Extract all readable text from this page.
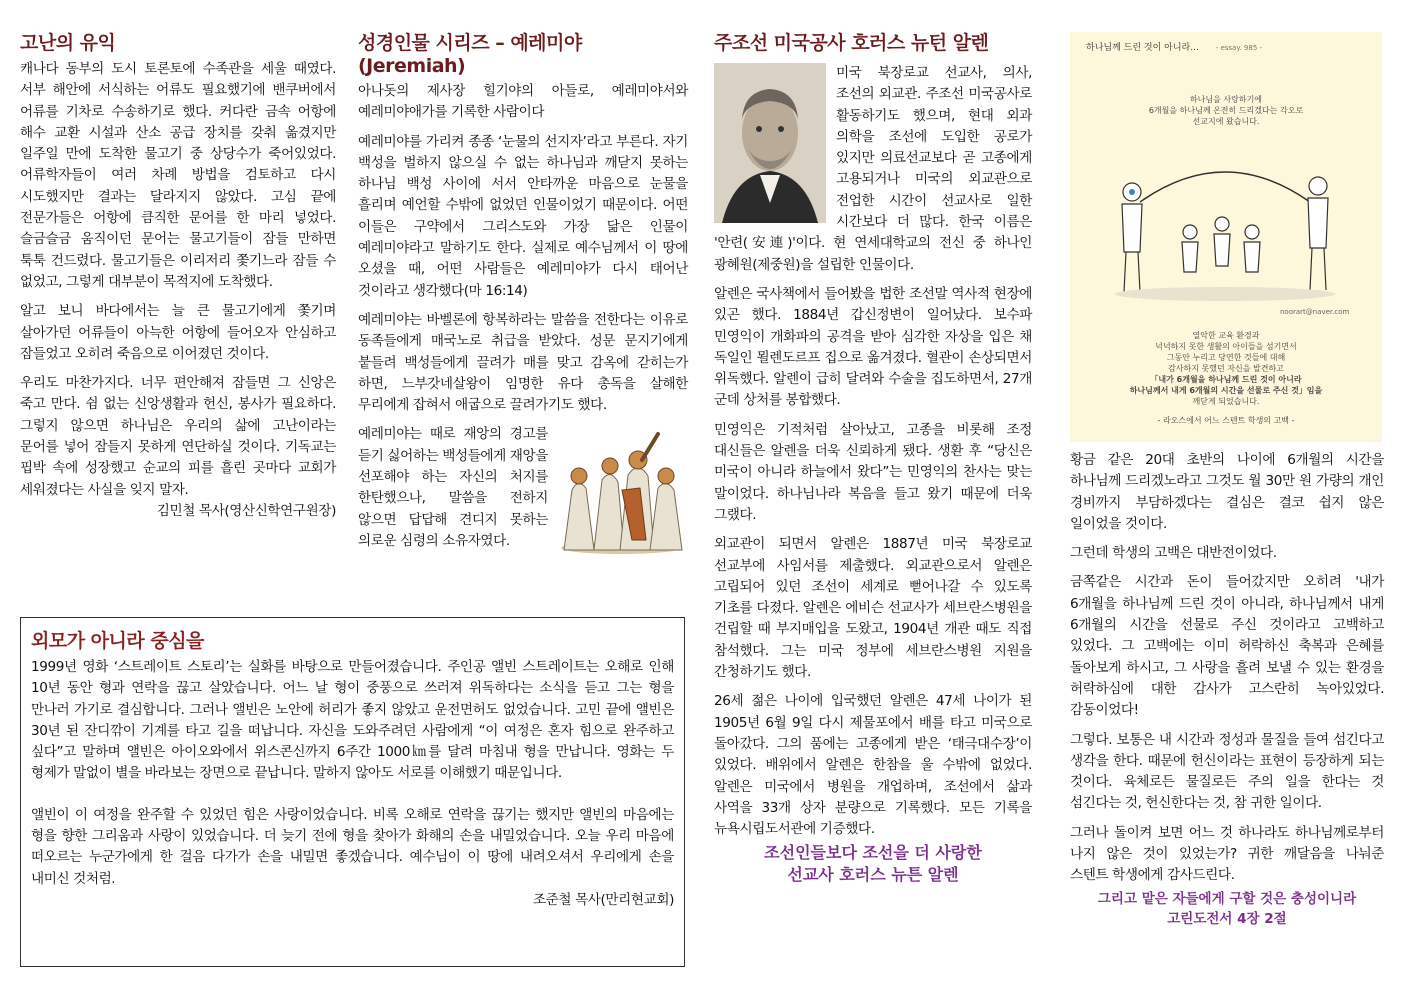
고난의 유익

캐나다 동부의 도시 토론토에 수족관을 세울 때였다. 서부 해안에 서식하는 어류도 필요했기에 밴쿠버에서 어류를 기차로 수송하기로 했다. 커다란 금속 어항에 해수 교환 시설과 산소 공급 장치를 갖춰 옮겼지만 일주일 만에 도착한 물고기 중 상당수가 죽어있었다. 어류학자들이 여러 차례 방법을 검토하고 다시 시도했지만 결과는 달라지지 않았다. 고심 끝에 전문가들은 어항에 큼직한 문어를 한 마리 넣었다. 슬금슬금 움직이던 문어는 물고기들이 잠들 만하면 툭툭 건드렸다. 물고기들은 이리저리 쫓기느라 잠들 수 없었고, 그렇게 대부분이 목적지에 도착했다.

알고 보니 바다에서는 늘 큰 물고기에게 쫓기며 살아가던 어류들이 아늑한 어항에 들어오자 안심하고 잠들었고 오히려 죽음으로 이어졌던 것이다.

우리도 마찬가지다. 너무 편안해져 잠들면 그 신앙은 죽고 만다. 쉼 없는 신앙생활과 헌신, 봉사가 필요하다. 그렇지 않으면 하나님은 우리의 삶에 고난이라는 문어를 넣어 잠들지 못하게 연단하실 것이다. 기독교는 핍박 속에 성장했고 순교의 피를 흘린 곳마다 교회가 세워졌다는 사실을 잊지 말자.

김민철 목사(영산신학연구원장)
성경인물 시리즈 – 예레미야(Jeremiah)

아나돗의 제사장 힐기야의 아들로, 예레미야서와 예레미야애가를 기록한 사람이다

예레미야를 가리켜 종종 ‘눈물의 선지자’라고 부른다. 자기 백성을 벌하지 않으실 수 없는 하나님과 깨닫지 못하는 하나님 백성 사이에 서서 안타까운 마음으로 눈물을 흘리며 예언할 수밖에 없었던 인물이었기 때문이다. 어떤 이들은 구약에서 그리스도와 가장 닮은 인물이 예레미야라고 말하기도 한다. 실제로 예수님께서 이 땅에 오셨을 때, 어떤 사람들은 예레미야가 다시 태어난 것이라고 생각했다(마 16:14)

예레미야는 바벨론에 항복하라는 말씀을 전한다는 이유로 동족들에게 매국노로 취급을 받았다. 성문 문지기에게 붙들려 백성들에게 끌려가 매를 맞고 감옥에 갇히는가 하면, 느부갓네살왕이 임명한 유다 총독을 살해한 무리에게 잡혀서 애굽으로 끌려가기도 했다.

예레미야는 때로 재앙의 경고를 듣기 싫어하는 백성들에게 재앙을 선포해야 하는 자신의 처지를 한탄했으나, 말씀을 전하지 않으면 답답해 견디지 못하는 의로운 심령의 소유자였다.

주조선 미국공사 호러스 뉴턴 알렌

미국 북장로교 선교사, 의사, 조선의 외교관. 주조선 미국공사로 활동하기도 했으며, 현대 외과 의학을 조선에 도입한 공로가 있지만 의료선교보다 곧 고종에게 고용되거나 미국의 외교관으로 전업한 시간이 선교사로 일한 시간보다 더 많다. 한국 이름은 '안련(安連)'이다. 현 연세대학교의 전신 중 하나인 광혜원(제중원)을 설립한 인물이다.

알렌은 국사책에서 들어봤을 법한 조선말 역사적 현장에 있곤 했다. 1884년 갑신정변이 일어났다. 보수파 민영익이 개화파의 공격을 받아 심각한 자상을 입은 채 독일인 묄렌도르프 집으로 옮겨졌다. 혈관이 손상되면서 위독했다. 알렌이 급히 달려와 수술을 집도하면서, 27개 군데 상처를 봉합했다.

민영익은 기적처럼 살아났고, 고종을 비롯해 조정 대신들은 알렌을 더욱 신뢰하게 됐다. 생환 후 “당신은 미국이 아니라 하늘에서 왔다”는 민영익의 찬사는 맞는 말이었다. 하나님나라 복음을 들고 왔기 때문에 더욱 그랬다.

외교관이 되면서 알렌은 1887년 미국 북장로교 선교부에 사임서를 제출했다. 외교관으로서 알렌은 고립되어 있던 조선이 세계로 뻗어나갈 수 있도록 기초를 다졌다. 알렌은 에비슨 선교사가 세브란스병원을 건립할 때 부지매입을 도왔고, 1904년 개관 때도 직접 참석했다. 그는 미국 정부에 세브란스병원 지원을 간청하기도 했다.

26세 젊은 나이에 입국했던 알렌은 47세 나이가 된 1905년 6월 9일 다시 제물포에서 배를 타고 미국으로 돌아갔다. 그의 품에는 고종에게 받은 ‘태극대수장’이 있었다. 배위에서 알렌은 한참을 울 수밖에 없었다. 알렌은 미국에서 병원을 개업하며, 조선에서 삶과 사역을 33개 상자 분량으로 기록했다. 모든 기록을 뉴욕시립도서관에 기증했다.

조선인들보다 조선을 더 사랑한
선교사 호러스 뉴튼 알렌
하나님께 드린 것이 아니라... - essay. 985 -
하나님을 사랑하기에
6개월을 하나님께 온전히 드리겠다는 각오로
선교지에 왔습니다.
noorart@naver.com
열악한 교육 환경과
넉넉하지 못한 생활의 아이들을 섬기면서
그동안 누리고 당연한 것들에 대해
감사하지 못했던 자신을 발견하고
「내가 6개월을 하나님께 드린 것이 아니라
하나님께서 내게 6개월의 시간을 선물로 주신 것」임을
깨닫게 되었습니다.
- 라오스에서 어느 스텐트 학생의 고백 -

황금 같은 20대 초반의 나이에 6개월의 시간을 하나님께 드리겠노라고 그것도 월 30만 원 가량의 개인 경비까지 부담하겠다는 결심은 결코 쉽지 않은 일이었을 것이다.

그런데 학생의 고백은 대반전이었다.

금쪽같은 시간과 돈이 들어갔지만 오히려 '내가 6개월을 하나님께 드린 것이 아니라, 하나님께서 내게 6개월의 시간을 선물로 주신 것이라고 고백하고 있었다. 그 고백에는 이미 허락하신 축복과 은혜를 돌아보게 하시고, 그 사랑을 흘려 보낼 수 있는 환경을 허락하심에 대한 감사가 고스란히 녹아있었다. 감동이었다!

그렇다. 보통은 내 시간과 정성과 물질을 들여 섬긴다고 생각을 한다. 때문에 헌신이라는 표현이 등장하게 되는 것이다. 육체로든 물질로든 주의 일을 한다는 것 섬긴다는 것, 헌신한다는 것, 참 귀한 일이다.

그러나 돌이켜 보면 어느 것 하나라도 하나님께로부터 나지 않은 것이 있었는가? 귀한 깨달음을 나눠준 스텐트 학생에게 감사드린다.

그리고 맡은 자들에게 구할 것은 충성이니라
고린도전서 4장 2절
외모가 아니라 중심을

1999년 영화 ‘스트레이트 스토리’는 실화를 바탕으로 만들어졌습니다. 주인공 앨빈 스트레이트는 오해로 인해 10년 동안 형과 연락을 끊고 살았습니다. 어느 날 형이 중풍으로 쓰러져 위독하다는 소식을 듣고 그는 형을 만나러 가기로 결심합니다. 그러나 앨빈은 노안에 허리가 좋지 않았고 운전면허도 없었습니다. 고민 끝에 앨빈은 30년 된 잔디깎이 기계를 타고 길을 떠납니다. 자신을 도와주려던 사람에게 “이 여정은 혼자 힘으로 완주하고 싶다”고 말하며 앨빈은 아이오와에서 위스콘신까지 6주간 1000㎞를 달려 마침내 형을 만납니다. 영화는 두 형제가 말없이 별을 바라보는 장면으로 끝납니다. 말하지 않아도 서로를 이해했기 때문입니다.

앨빈이 이 여정을 완주할 수 있었던 힘은 사랑이었습니다. 비록 오해로 연락을 끊기는 했지만 앨빈의 마음에는 형을 향한 그리움과 사랑이 있었습니다. 더 늦기 전에 형을 찾아가 화해의 손을 내밀었습니다. 오늘 우리 마음에 떠오르는 누군가에게 한 걸음 다가가 손을 내밀면 좋겠습니다. 예수님이 이 땅에 내려오셔서 우리에게 손을 내미신 것처럼.

조준철 목사(만리현교회)
